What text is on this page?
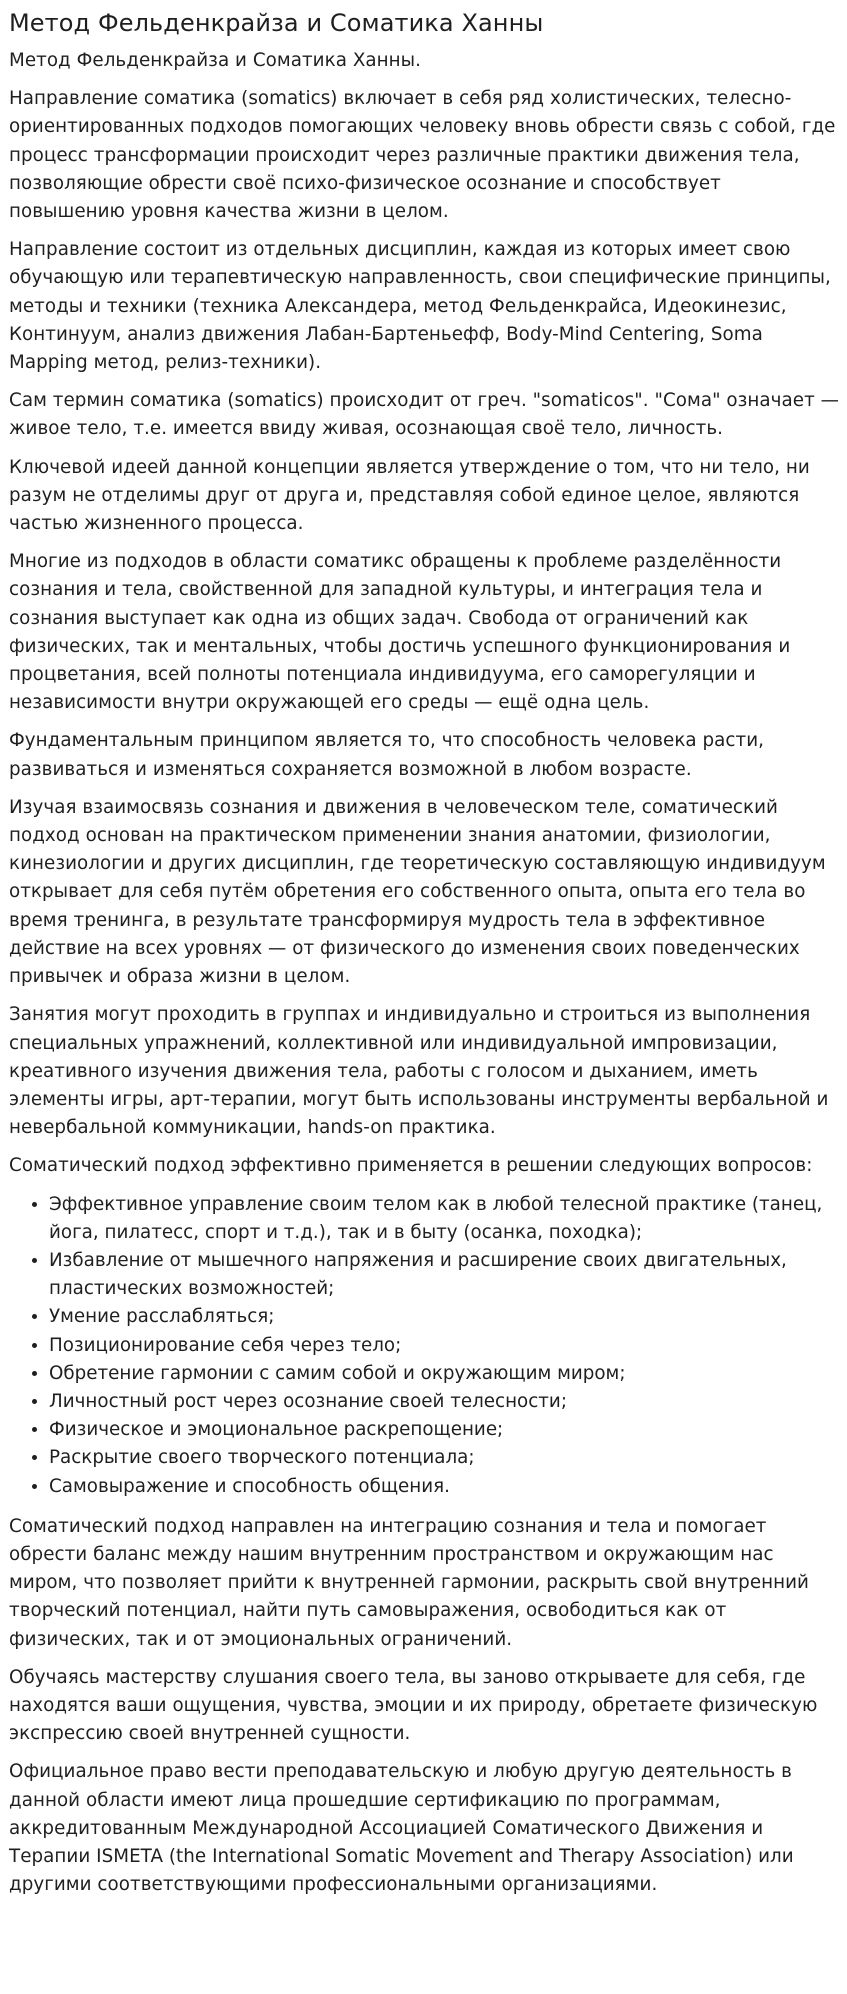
Метод Фельденкрайза и Соматика Ханны

Метод Фельденкрайза и Соматика Ханны.

Направление соматика (somatics) включает в себя ряд холистических, телесно-ориентированных подходов помогающих человеку вновь обрести связь с собой, где процесс трансформации происходит через различные практики движения тела, позволяющие обрести своё психо-физическое осознание и способствует повышению уровня качества жизни в целом.

Направление состоит из отдельных дисциплин, каждая из которых имеет свою обучающую или терапевтическую направленность, свои специфические принципы, методы и техники (техника Александера, метод Фельденкрайса, Идеокинезис, Континуум, анализ движения Лабан-Бартеньефф, Body-Mind Centering, Soma Mapping метод, релиз-техники).

Сам термин соматика (somatics) происходит от греч. "somaticos". "Сома" означает — живое тело, т.е. имеется ввиду живая, осознающая своё тело, личность.

Ключевой идеей данной концепции является утверждение о том, что ни тело, ни разум не отделимы друг от друга и, представляя собой единое целое, являются частью жизненного процесса.

Многие из подходов в области соматикс обращены к проблеме разделённости сознания и тела, свойственной для западной культуры, и интеграция тела и сознания выступает как одна из общих задач. Свобода от ограничений как физических, так и ментальных, чтобы достичь успешного функционирования и процветания, всей полноты потенциала индивидуума, его саморегуляции и независимости внутри окружающей его среды — ещё одна цель.

Фундаментальным принципом является то, что способность человека расти, развиваться и изменяться сохраняется возможной в любом возрасте.

Изучая взаимосвязь сознания и движения в человеческом теле, соматический подход основан на практическом применении знания анатомии, физиологии, кинезиологии и других дисциплин, где теоретическую составляющую индивидуум открывает для себя путём обретения его собственного опыта, опыта его тела во время тренинга, в результате трансформируя мудрость тела в эффективное действие на всех уровнях — от физического до изменения своих поведенческих привычек и образа жизни в целом.

Занятия могут проходить в группах и индивидуально и строиться из выполнения специальных упражнений, коллективной или индивидуальной импровизации, креативного изучения движения тела, работы с голосом и дыханием, иметь элементы игры, арт-терапии, могут быть использованы инструменты вербальной и невербальной коммуникации, hands-on практика.

Соматический подход эффективно применяется в решении следующих вопросов:

• Эффективное управление своим телом как в любой телесной практике (танец, йога, пилатесс, спорт и т.д.), так и в быту (осанка, походка);
• Избавление от мышечного напряжения и расширение своих двигательных, пластических возможностей;
• Умение расслабляться;
• Позиционирование себя через тело;
• Обретение гармонии с самим собой и окружающим миром;
• Личностный рост через осознание своей телесности;
• Физическое и эмоциональное раскрепощение;
• Раскрытие своего творческого потенциала;
• Самовыражение и способность общения.

Соматический подход направлен на интеграцию сознания и тела и помогает обрести баланс между нашим внутренним пространством и окружающим нас миром, что позволяет прийти к внутренней гармонии, раскрыть свой внутренний творческий потенциал, найти путь самовыражения, освободиться как от физических, так и от эмоциональных ограничений.

Обучаясь мастерству слушания своего тела, вы заново открываете для себя, где находятся ваши ощущения, чувства, эмоции и их природу, обретаете физическую экспрессию своей внутренней сущности.

Официальное право вести преподавательскую и любую другую деятельность в данной области имеют лица прошедшие сертификацию по программам, аккредитованным Международной Ассоциацией Соматического Движения и Терапии ISMETA (the International Somatic Movement and Therapy Association) или другими соответствующими профессиональными организациями.
